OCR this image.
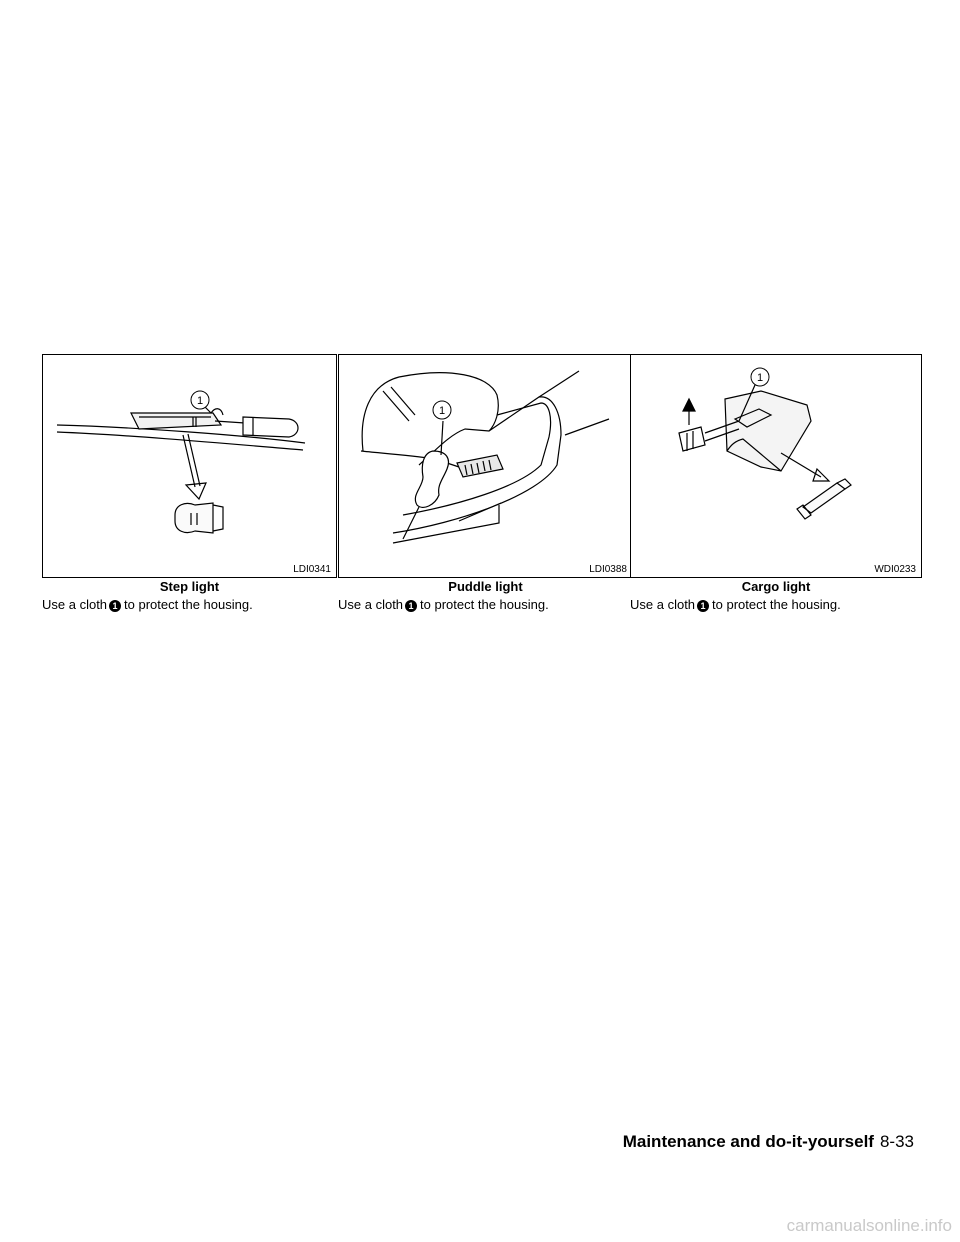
1
LDI0341
Step light
Use a cloth 1 to protect the housing.
1
LDI0388
Puddle light
Use a cloth 1 to protect the housing.
1
WDI0233
Cargo light
Use a cloth 1 to protect the housing.
Maintenance and do-it-yourself 8-33
carmanualsonline.info
